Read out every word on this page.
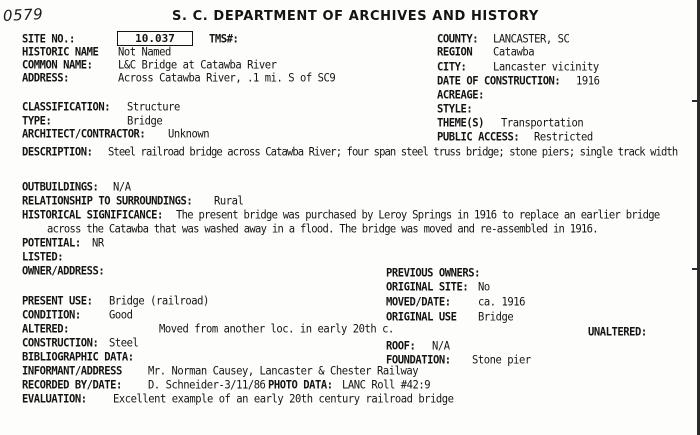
0579	S. C. DEPARTMENT OF ARCHIVES AND HISTORY
SITE NO.:	10.037	TMS#:	COUNTY: LANCASTER, SC
HISTORIC NAME Not Named	REGION Catawba
COMMON NAME: L&C Bridge at Catawba River	CITY:	Lancaster vicinity
ADDRESS:	Across Catawba River, .1 mi. S of SC9	DATE OF CONSTRUCTION: 1916
ACREAGE:
STYLE:
CLASSIFICATION: Structure
TYPE:	Bridge	THEME(S) Transportation
ARCHITECT/CONTRACTOR: Unknown	PUBLIC ACCESS: Restricted
DESCRIPTION: Steel railroad bridge across Catawba River; four span steel truss bridge; stone piers; single track width
OUTBUILDINGS: N/A
RELATIONSHIP TO SURROUNDINGS: Rural
HISTORICAL SIGNIFICANCE: The present bridge was purchased by Leroy Springs in 1916 to replace an earlier bridge
across the Catawba that was washed away in a flood. The bridge was moved and re-assembled in 1916.
POTENTIAL: NR
LISTED:
OWNER/ADDRESS:	PREVIOUS OWNERS:
ORIGINAL SITE: No
PRESENT USE: Bridge (railroad)	MOVED/DATE:	ca. 1916
CONDITION:	Good	ORIGINAL USE Bridge
ALTERED:	Moved from another loc. in early 20th c.	UNALTERED:
CONSTRUCTION: Steel	ROOF: N/A
BIBLIOGRAPHIC DATA:	FOUNDATION: Stone pier
INFORMANT/ADDRESS Mr. Norman Causey, Lancaster & Chester Railway
RECORDED BY/DATE: D. Schneider-3/11/86 PHOTO DATA: LANC Roll #42:9
EVALUATION:	Excellent example of an early 20th century railroad bridge
